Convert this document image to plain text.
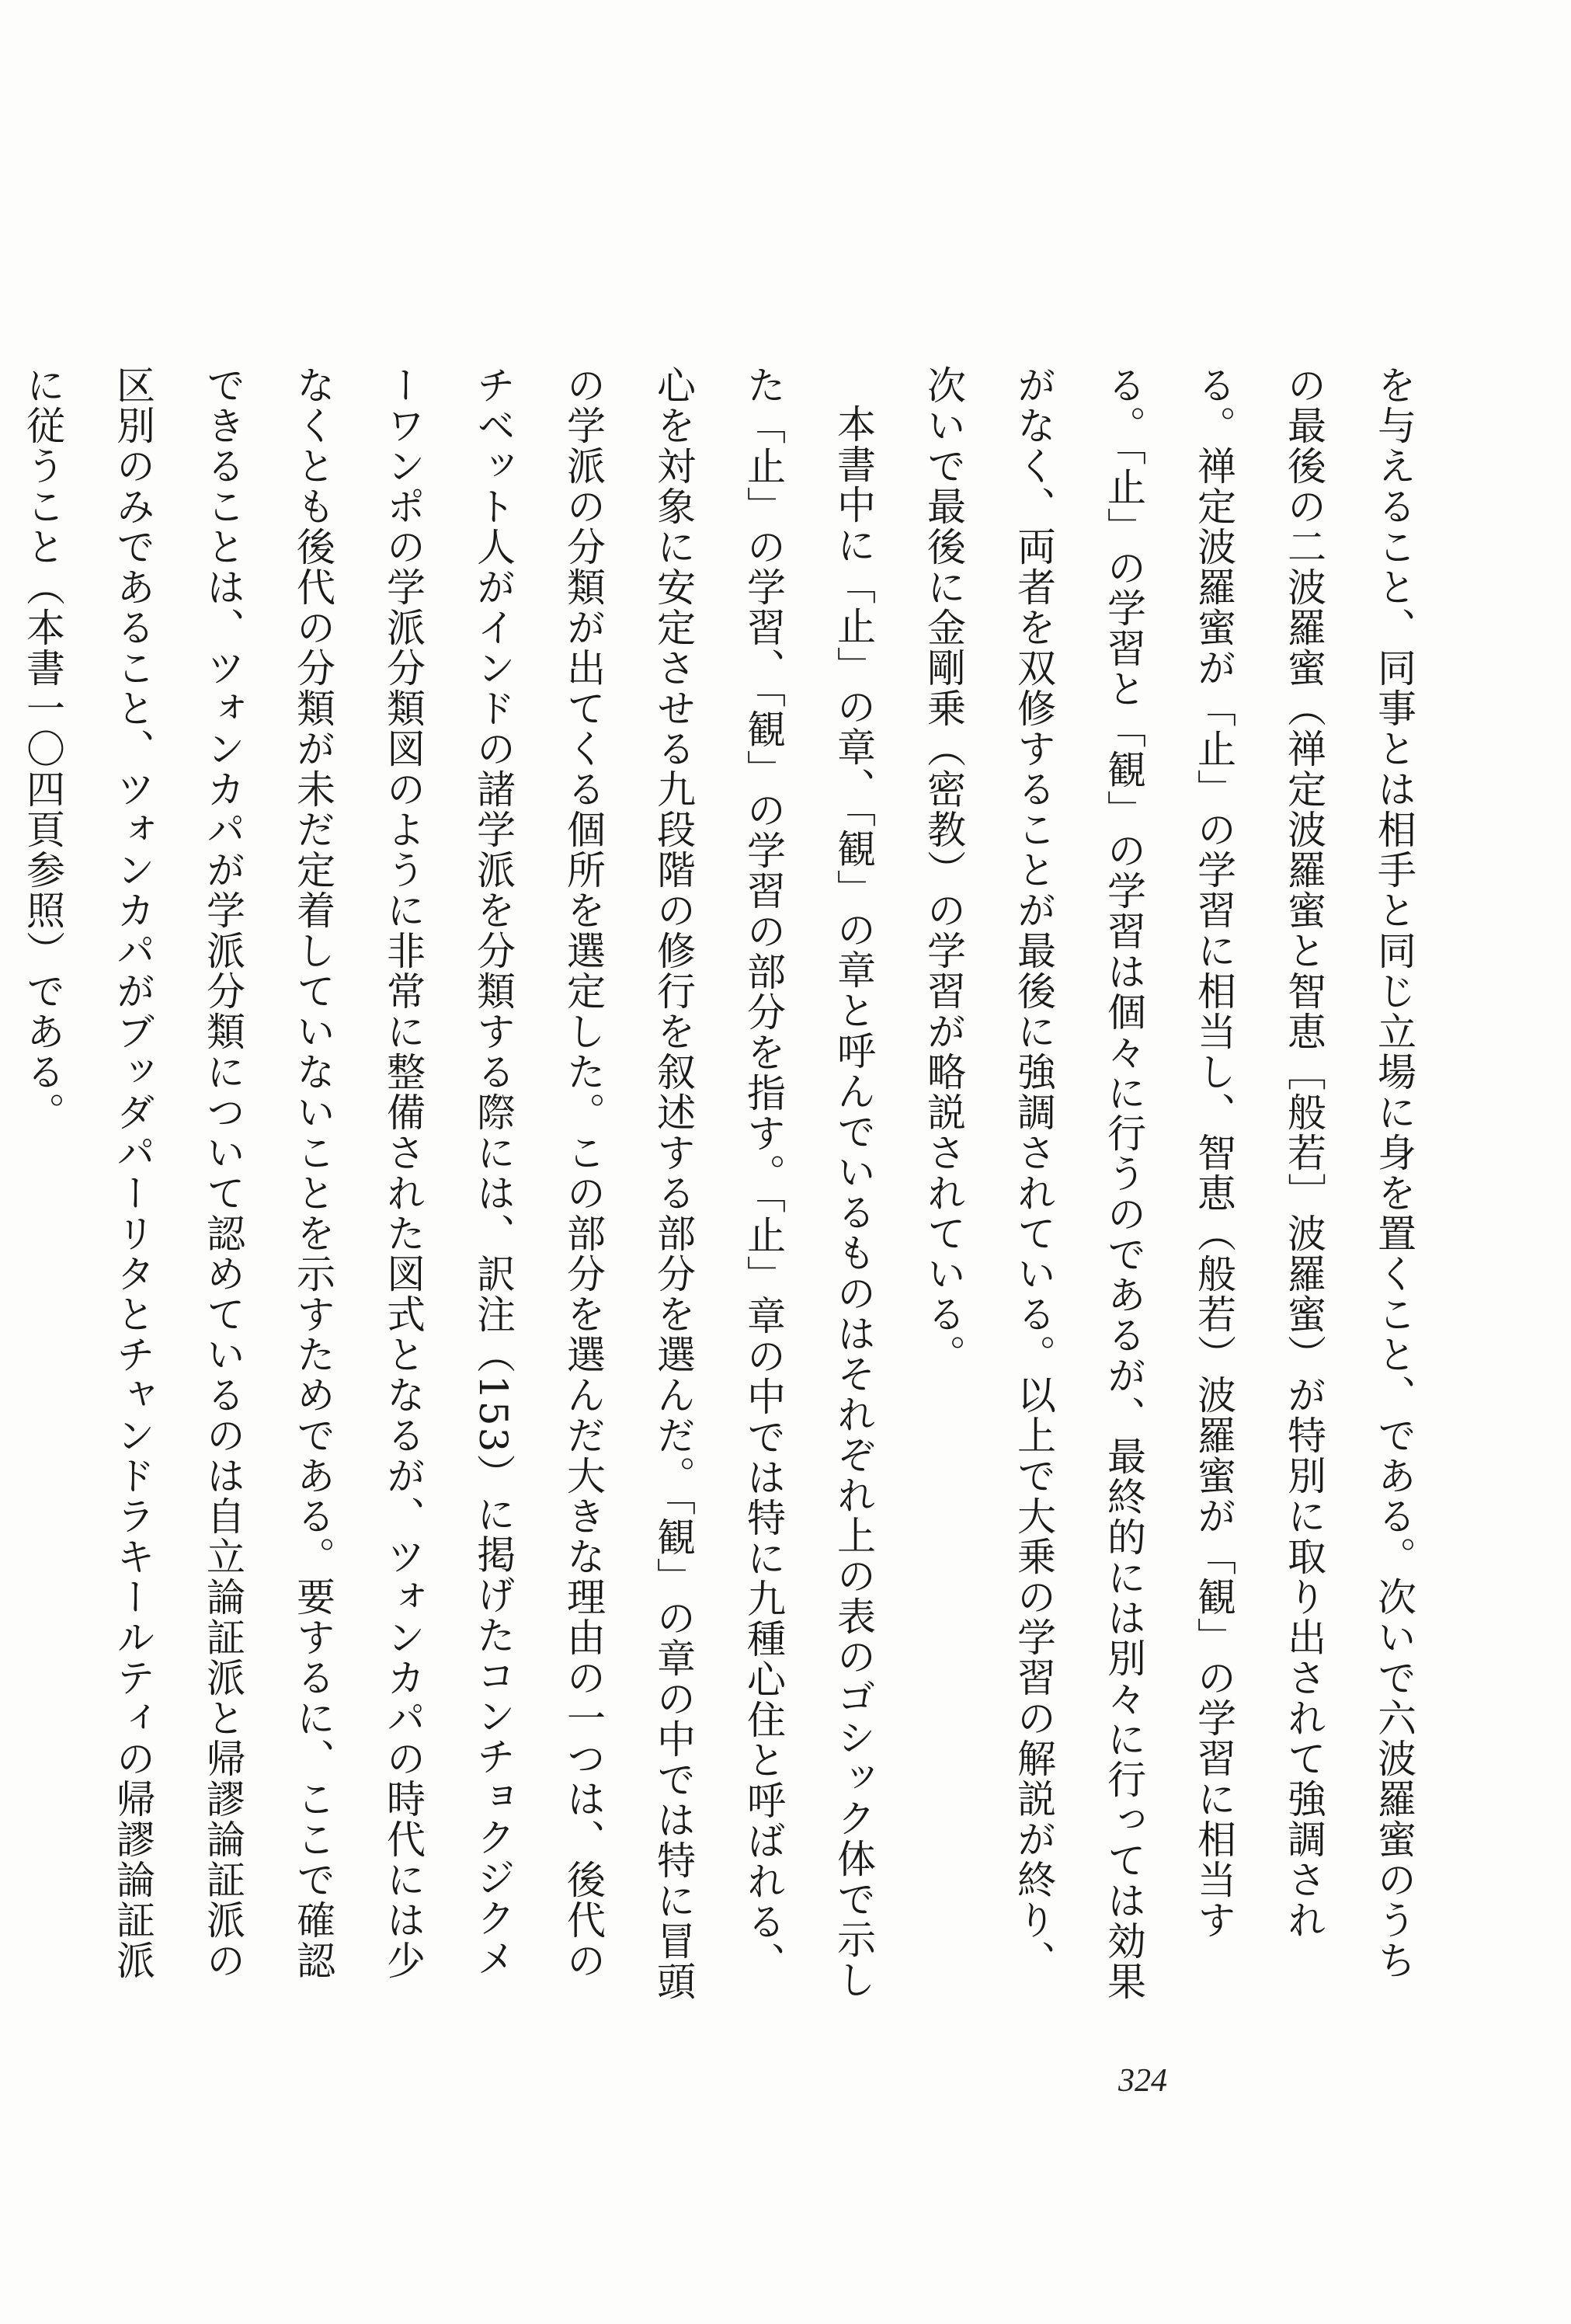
を与えること、同事とは相手と同じ立場に身を置くこと、である。次いで六波羅蜜のうちの最後の二波羅蜜（禅定波羅蜜と智恵［般若］波羅蜜）が特別に取り出されて強調される。禅定波羅蜜が「止」の学習に相当し、智恵（般若）波羅蜜が「観」の学習に相当する。「止」の学習と「観」の学習は個々に行うのであるが、最終的には別々に行っては効果がなく、両者を双修することが最後に強調されている。以上で大乗の学習の解説が終り、次いで最後に金剛乗（密教）の学習が略説されている。

本書中に「止」の章、「観」の章と呼んでいるものはそれぞれ上の表のゴシック体で示した「止」の学習、「観」の学習の部分を指す。「止」章の中では特に九種心住と呼ばれる、心を対象に安定させる九段階の修行を叙述する部分を選んだ。「観」の章の中では特に冒頭の学派の分類が出てくる個所を選定した。この部分を選んだ大きな理由の一つは、後代のチベット人がインドの諸学派を分類する際には、訳注（153）に掲げたコンチョクジクメーワンポの学派分類図のように非常に整備された図式となるが、ツォンカパの時代には少なくとも後代の分類が未だ定着していないことを示すためである。要するに、ここで確認できることは、ツォンカパが学派分類について認めているのは自立論証派と帰謬論証派の区別のみであること、ツォンカパがブッダパーリタとチャンドラキールティの帰謬論証派に従うこと（本書一〇四頁参照）である。

324
